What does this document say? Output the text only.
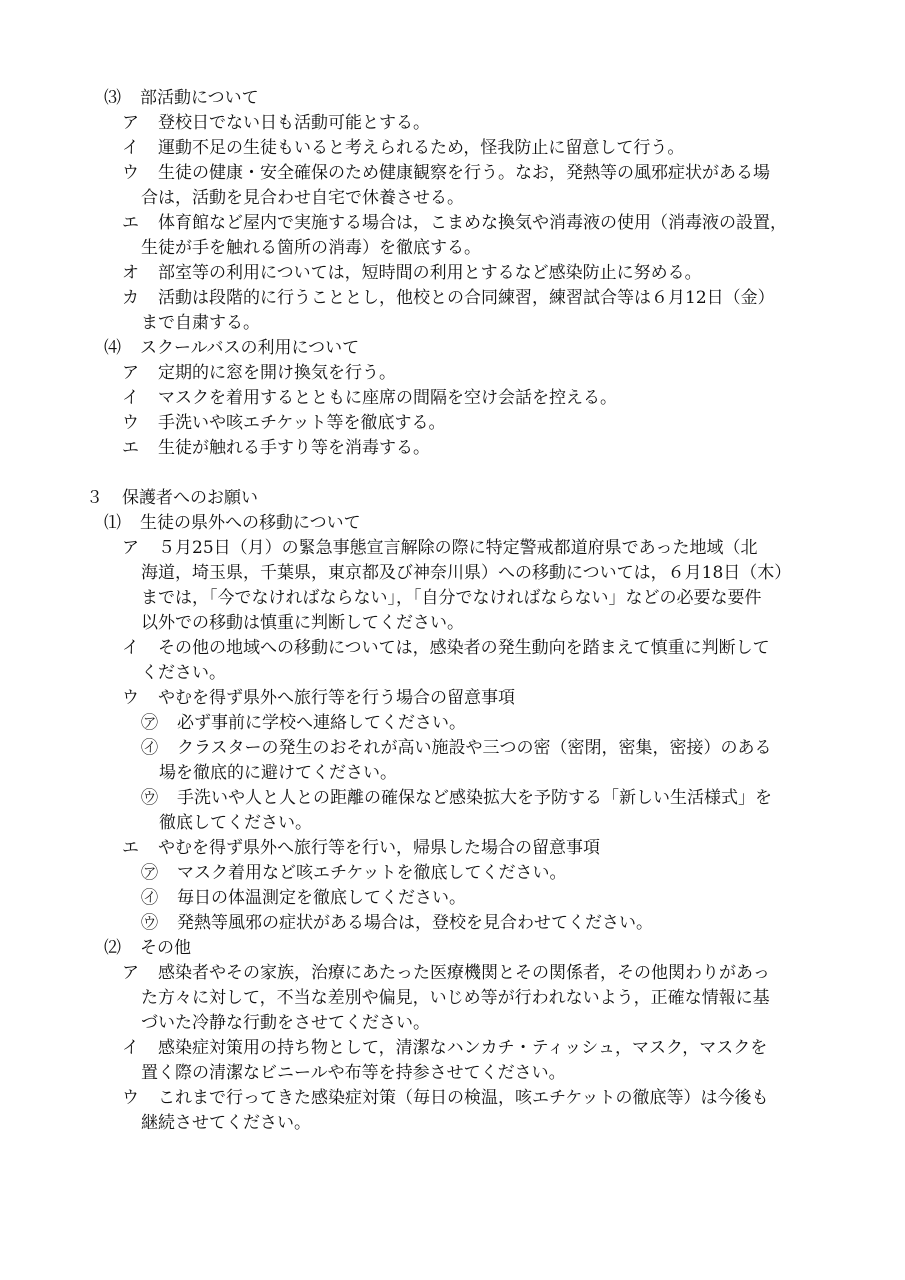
⑶ 部活動について
ア 登校日でない日も活動可能とする。
イ 運動不足の生徒もいると考えられるため，怪我防止に留意して行う。
ウ 生徒の健康・安全確保のため健康観察を行う。なお，発熱等の風邪症状がある場
合は，活動を見合わせ自宅で休養させる。
エ 体育館など屋内で実施する場合は，こまめな換気や消毒液の使用（消毒液の設置，
生徒が手を触れる箇所の消毒）を徹底する。
オ 部室等の利用については，短時間の利用とするなど感染防止に努める。
カ 活動は段階的に行うこととし，他校との合同練習，練習試合等は６月12日（金）
まで自粛する。
⑷ スクールバスの利用について
ア 定期的に窓を開け換気を行う。
イ マスクを着用するとともに座席の間隔を空け会話を控える。
ウ 手洗いや咳エチケット等を徹底する。
エ 生徒が触れる手すり等を消毒する。
３ 保護者へのお願い
⑴ 生徒の県外への移動について
ア ５月25日（月）の緊急事態宣言解除の際に特定警戒都道府県であった地域（北
海道，埼玉県，千葉県，東京都及び神奈川県）への移動については，６月18日（木）
までは，「今でなければならない」，「自分でなければならない」などの必要な要件
以外での移動は慎重に判断してください。
イ その他の地域への移動については，感染者の発生動向を踏まえて慎重に判断して
ください。
ウ やむを得ず県外へ旅行等を行う場合の留意事項
㋐ 必ず事前に学校へ連絡してください。
㋑ クラスターの発生のおそれが高い施設や三つの密（密閉，密集，密接）のある
場を徹底的に避けてください。
㋒ 手洗いや人と人との距離の確保など感染拡大を予防する「新しい生活様式」を
徹底してください。
エ やむを得ず県外へ旅行等を行い，帰県した場合の留意事項
㋐ マスク着用など咳エチケットを徹底してください。
㋑ 毎日の体温測定を徹底してください。
㋒ 発熱等風邪の症状がある場合は，登校を見合わせてください。
⑵ その他
ア 感染者やその家族，治療にあたった医療機関とその関係者，その他関わりがあっ
た方々に対して，不当な差別や偏見，いじめ等が行われないよう，正確な情報に基
づいた冷静な行動をさせてください。
イ 感染症対策用の持ち物として，清潔なハンカチ・ティッシュ，マスク，マスクを
置く際の清潔なビニールや布等を持参させてください。
ウ これまで行ってきた感染症対策（毎日の検温，咳エチケットの徹底等）は今後も
継続させてください。
